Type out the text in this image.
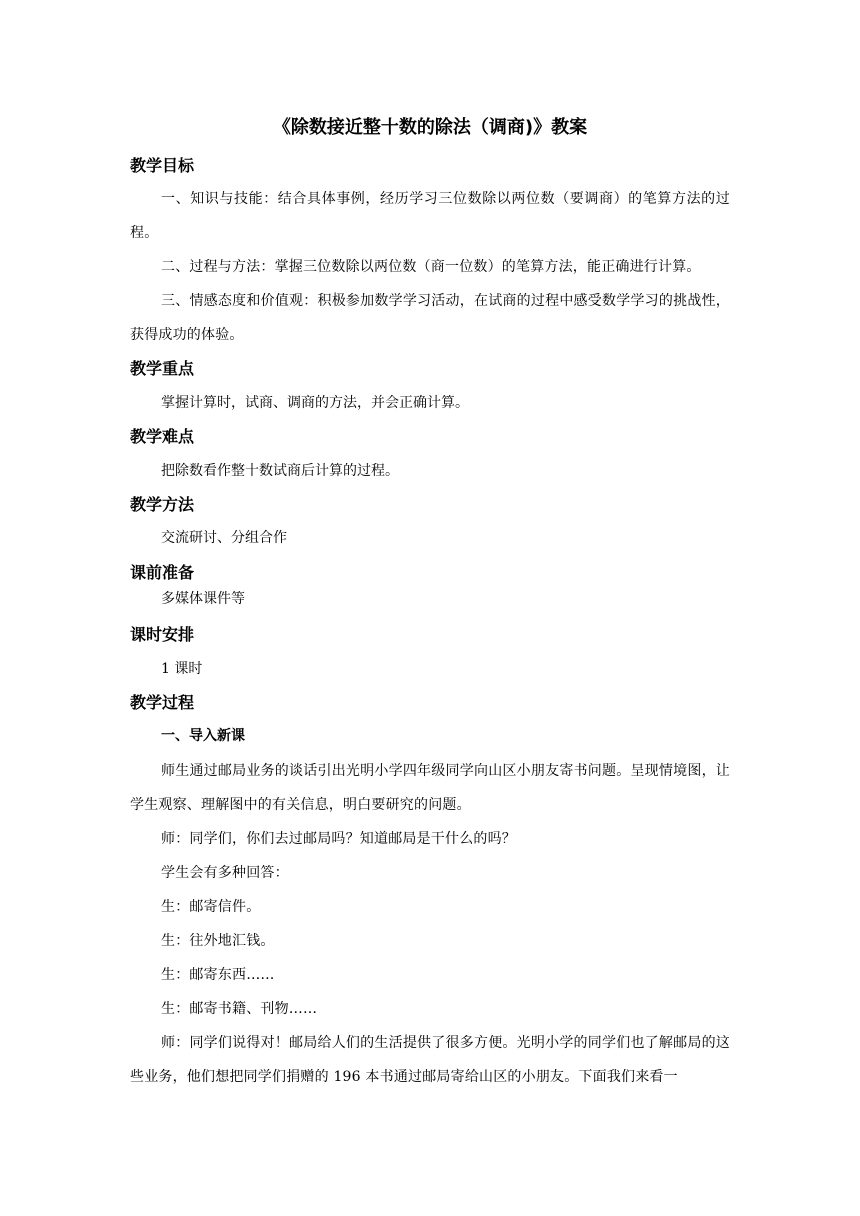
《除数接近整十数的除法（调商)》教案
教学目标
一、知识与技能：结合具体事例，经历学习三位数除以两位数（要调商）的笔算方法的过程。
二、过程与方法：掌握三位数除以两位数（商一位数）的笔算方法，能正确进行计算。
三、情感态度和价值观：积极参加数学学习活动，在试商的过程中感受数学学习的挑战性，获得成功的体验。
教学重点
掌握计算时，试商、调商的方法，并会正确计算。
教学难点
把除数看作整十数试商后计算的过程。
教学方法
交流研讨、分组合作
课前准备
多媒体课件等
课时安排
1 课时
教学过程
一、导入新课
师生通过邮局业务的谈话引出光明小学四年级同学向山区小朋友寄书问题。呈现情境图，让学生观察、理解图中的有关信息，明白要研究的问题。
师：同学们，你们去过邮局吗？知道邮局是干什么的吗？
学生会有多种回答：
生：邮寄信件。
生：往外地汇钱。
生：邮寄东西……
生：邮寄书籍、刊物……
师：同学们说得对！邮局给人们的生活提供了很多方便。光明小学的同学们也了解邮局的这些业务，他们想把同学们捐赠的 196 本书通过邮局寄给山区的小朋友。下面我们来看一
